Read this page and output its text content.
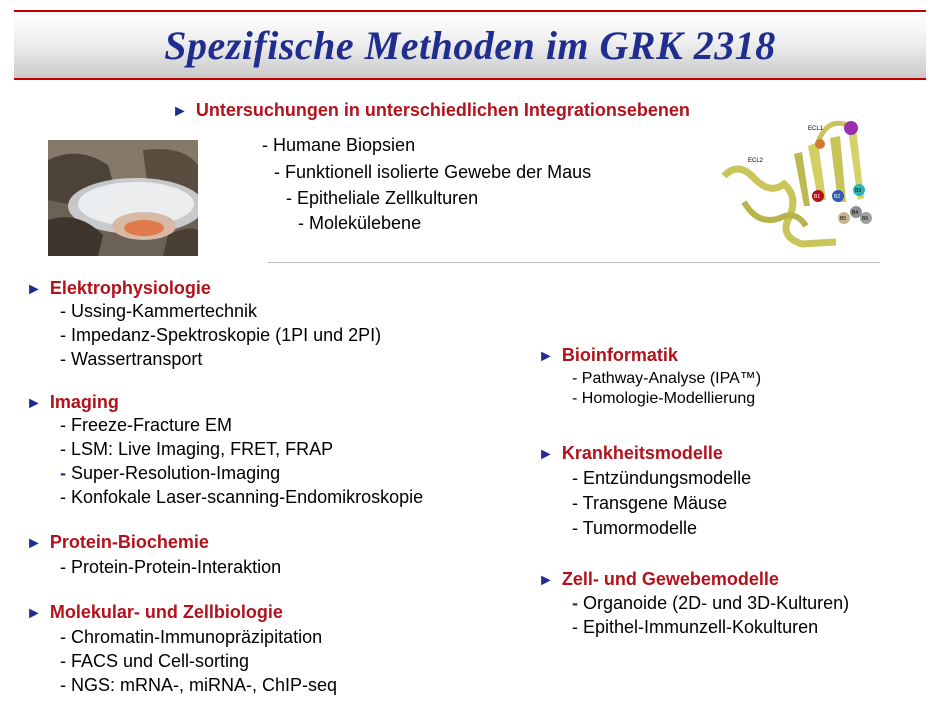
Spezifische Methoden im GRK 2318
► Untersuchungen in unterschiedlichen Integrationsebenen
- Humane Biopsien
- Funktionell isolierte Gewebe der Maus
- Epitheliale Zellkulturen
- Molekülebene
ECL1
ECL2
B1	B2
B3
B4
B5	B6
► Elektrophysiologie
- Ussing-Kammertechnik
- Impedanz-Spektroskopie (1PI und 2PI)
- Wassertransport
► Imaging
- Freeze-Fracture EM
- LSM: Live Imaging, FRET, FRAP
- Super-Resolution-Imaging
- Konfokale Laser-scanning-Endomikroskopie
► Protein-Biochemie
- Protein-Protein-Interaktion
► Molekular- und Zellbiologie
- Chromatin-Immunopräzipitation
- FACS und Cell-sorting
- NGS: mRNA-, miRNA-, ChIP-seq
► Bioinformatik
- Pathway-Analyse (IPA™)
- Homologie-Modellierung
► Krankheitsmodelle
- Entzündungsmodelle
- Transgene Mäuse
- Tumormodelle
► Zell- und Gewebemodelle
- Organoide (2D- und 3D-Kulturen)
- Epithel-Immunzell-Kokulturen
